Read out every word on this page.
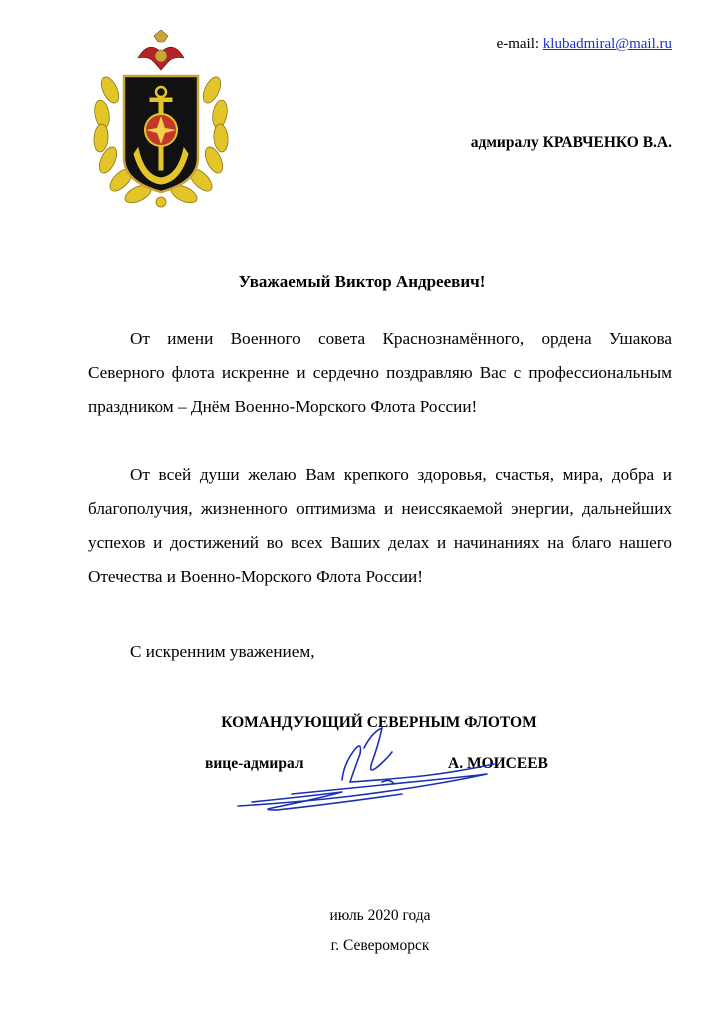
e-mail: klubadmiral@mail.ru
адмиралу КРАВЧЕНКО В.А.
Уважаемый Виктор Андреевич!

От имени Военного совета Краснознамённого, ордена Ушакова Северного флота искренне и сердечно поздравляю Вас с профессиональным праздником – Днём Военно-Морского Флота России!

От всей души желаю Вам крепкого здоровья, счастья, мира, добра и благополучия, жизненного оптимизма и неиссякаемой энергии, дальнейших успехов и достижений во всех Ваших делах и начинаниях на благо нашего Отечества и Военно-Морского Флота России!

С искренним уважением,
КОМАНДУЮЩИЙ СЕВЕРНЫМ ФЛОТОМ
вице-адмирал	А. МОИСЕЕВ
июль 2020 года
г. Североморск
